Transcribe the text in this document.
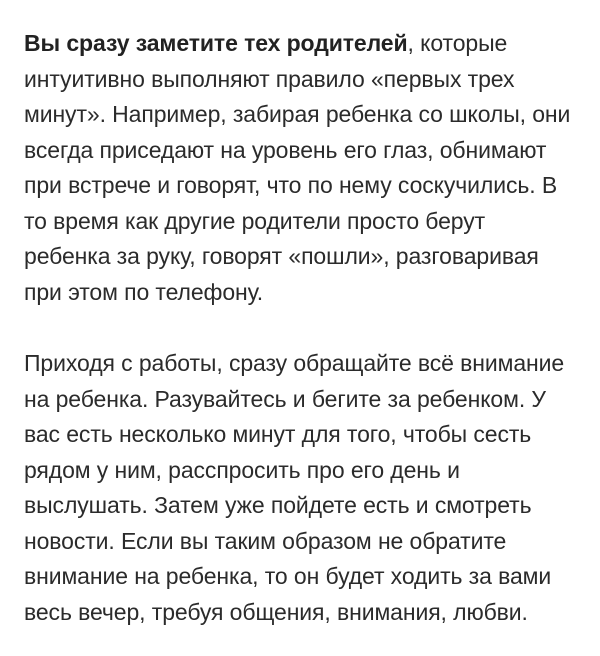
Вы сразу заметите тех родителей, которые
интуитивно выполняют правило «первых трех
минут». Например, забирая ребенка со школы, они
всегда приседают на уровень его глаз, обнимают
при встрече и говорят, что по нему соскучились. В
то время как другие родители просто берут
ребенка за руку, говорят «пошли», разговаривая
при этом по телефону.

Приходя с работы, сразу обращайте всё внимание
на ребенка. Разувайтесь и бегите за ребенком. У
вас есть несколько минут для того, чтобы сесть
рядом у ним, расспросить про его день и
выслушать. Затем уже пойдете есть и смотреть
новости. Если вы таким образом не обратите
внимание на ребенка, то он будет ходить за вами
весь вечер, требуя общения, внимания, любви.
